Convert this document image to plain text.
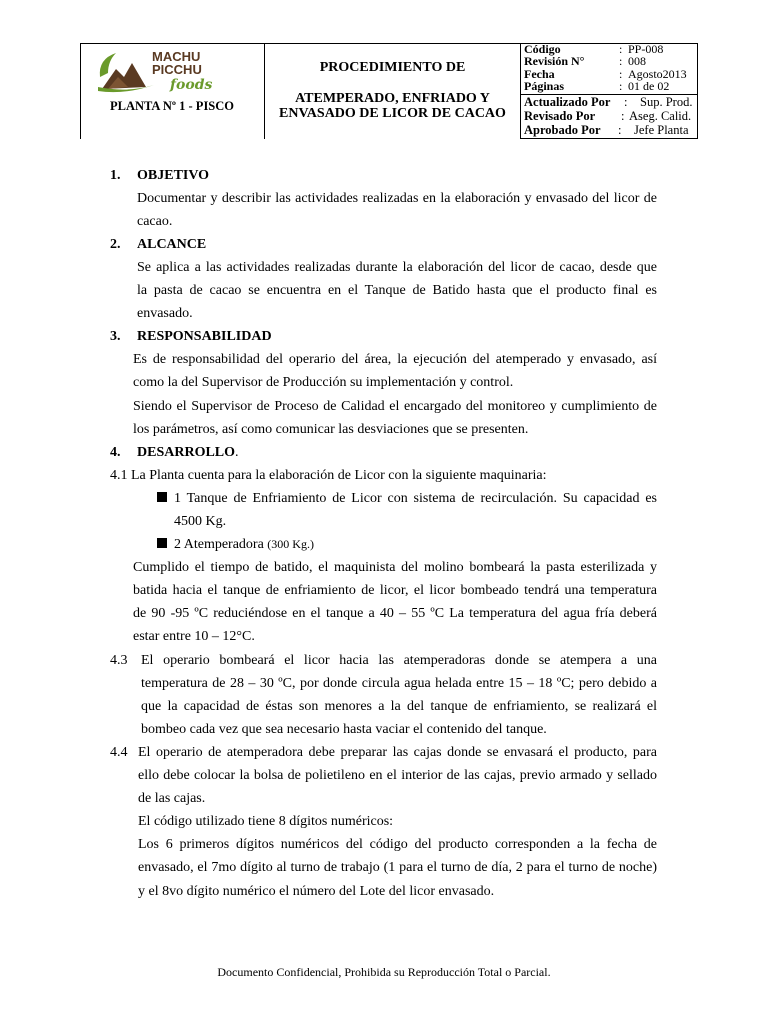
MACHU
PICCHU
foods
PLANTA Nº 1 - PISCO
PROCEDIMIENTO DE
ATEMPERADO, ENFRIADO Y
ENVASADO DE LICOR DE CACAO
Código	: PP-008
Revisión N°	: 008
Fecha	: Agosto2013
Páginas	: 01 de 02
Actualizado Por : Sup. Prod.
Revisado Por : Aseg. Calid.
Aprobado Por : Jefe Planta
1. OBJETIVO
Documentar y describir las actividades realizadas en la elaboración y envasado del licor de
cacao.
2. ALCANCE
Se aplica a las actividades realizadas durante la elaboración del licor de cacao, desde que
la pasta de cacao se encuentra en el Tanque de Batido hasta que el producto final es
envasado.
3. RESPONSABILIDAD
Es de responsabilidad del operario del área, la ejecución del atemperado y envasado, así
como la del Supervisor de Producción su implementación y control.
Siendo el Supervisor de Proceso de Calidad el encargado del monitoreo y cumplimiento de
los parámetros, así como comunicar las desviaciones que se presenten.
4. DESARROLLO.
4.1 La Planta cuenta para la elaboración de Licor con la siguiente maquinaria:
1 Tanque de Enfriamiento de Licor con sistema de recirculación. Su capacidad es
4500 Kg.
2 Atemperadora (300 Kg.)
Cumplido el tiempo de batido, el maquinista del molino bombeará la pasta esterilizada y
batida hacia el tanque de enfriamiento de licor, el licor bombeado tendrá una temperatura
de 90 -95 ºC reduciéndose en el tanque a 40 – 55 ºC La temperatura del agua fría deberá
estar entre 10 – 12°C.
4.3 El operario bombeará el licor hacia las atemperadoras donde se atempera a una
temperatura de 28 – 30 ºC, por donde circula agua helada entre 15 – 18 ºC; pero debido a
que la capacidad de éstas son menores a la del tanque de enfriamiento, se realizará el
bombeo cada vez que sea necesario hasta vaciar el contenido del tanque.
4.4 El operario de atemperadora debe preparar las cajas donde se envasará el producto, para
ello debe colocar la bolsa de polietileno en el interior de las cajas, previo armado y sellado
de las cajas.
El código utilizado tiene 8 dígitos numéricos:
Los 6 primeros dígitos numéricos del código del producto corresponden a la fecha de
envasado, el 7mo dígito al turno de trabajo (1 para el turno de día, 2 para el turno de noche)
y el 8vo dígito numérico el número del Lote del licor envasado.
Documento Confidencial, Prohibida su Reproducción Total o Parcial.
